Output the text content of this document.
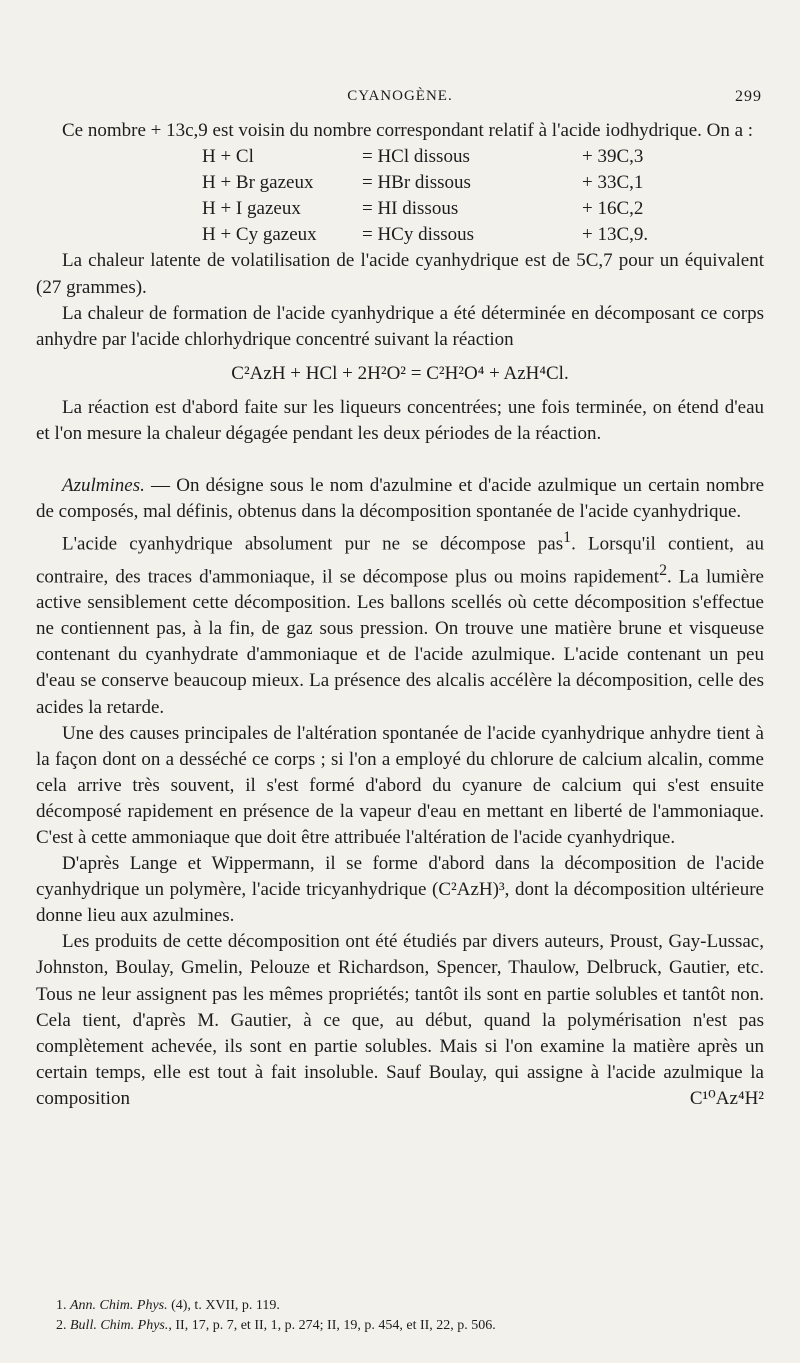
CYANOGÈNE.	299

Ce nombre + 13c,9 est voisin du nombre correspondant relatif à l'acide iodhydrique. On a :

H + Cl	= HCl dissous	+ 39C,3
H + Br gazeux	= HBr dissous	+ 33C,1
H + I gazeux	= HI dissous	+ 16C,2
H + Cy gazeux	= HCy dissous	+ 13C,9.

La chaleur latente de volatilisation de l'acide cyanhydrique est de 5C,7 pour un équivalent (27 grammes).

La chaleur de formation de l'acide cyanhydrique a été déterminée en décomposant ce corps anhydre par l'acide chlorhydrique concentré suivant la réaction

C²AzH + HCl + 2H²O² = C²H²O⁴ + AzH⁴Cl.

La réaction est d'abord faite sur les liqueurs concentrées; une fois terminée, on étend d'eau et l'on mesure la chaleur dégagée pendant les deux périodes de la réaction.

Azulmines. — On désigne sous le nom d'azulmine et d'acide azulmique un certain nombre de composés, mal définis, obtenus dans la décomposition spontanée de l'acide cyanhydrique.

L'acide cyanhydrique absolument pur ne se décompose pas$^1$. Lorsqu'il contient, au contraire, des traces d'ammoniaque, il se décompose plus ou moins rapidement$^2$. La lumière active sensiblement cette décomposition. Les ballons scellés où cette décomposition s'effectue ne contiennent pas, à la fin, de gaz sous pression. On trouve une matière brune et visqueuse contenant du cyanhydrate d'ammoniaque et de l'acide azulmique. L'acide contenant un peu d'eau se conserve beaucoup mieux. La présence des alcalis accélère la décomposition, celle des acides la retarde.

Une des causes principales de l'altération spontanée de l'acide cyanhydrique anhydre tient à la façon dont on a desséché ce corps ; si l'on a employé du chlorure de calcium alcalin, comme cela arrive très souvent, il s'est formé d'abord du cyanure de calcium qui s'est ensuite décomposé rapidement en présence de la vapeur d'eau en mettant en liberté de l'ammoniaque. C'est à cette ammoniaque que doit être attribuée l'altération de l'acide cyanhydrique.

D'après Lange et Wippermann, il se forme d'abord dans la décomposition de l'acide cyanhydrique un polymère, l'acide tricyanhydrique (C²AzH)³, dont la décomposition ultérieure donne lieu aux azulmines.

Les produits de cette décomposition ont été étudiés par divers auteurs, Proust, Gay-Lussac, Johnston, Boulay, Gmelin, Pelouze et Richardson, Spencer, Thaulow, Delbruck, Gautier, etc. Tous ne leur assignent pas les mêmes propriétés; tantôt ils sont en partie solubles et tantôt non. Cela tient, d'après M. Gautier, à ce que, au début, quand la polymérisation n'est pas complètement achevée, ils sont en partie solubles. Mais si l'on examine la matière après un certain temps, elle est tout à fait insoluble. Sauf Boulay, qui assigne à l'acide azulmique la composition C¹⁰Az⁴H²

1. Ann. Chim. Phys. (4), t. XVII, p. 119.
2. Bull. Chim. Phys., II, 17, p. 7, et II, 1, p. 274; II, 19, p. 454, et II, 22, p. 506.
